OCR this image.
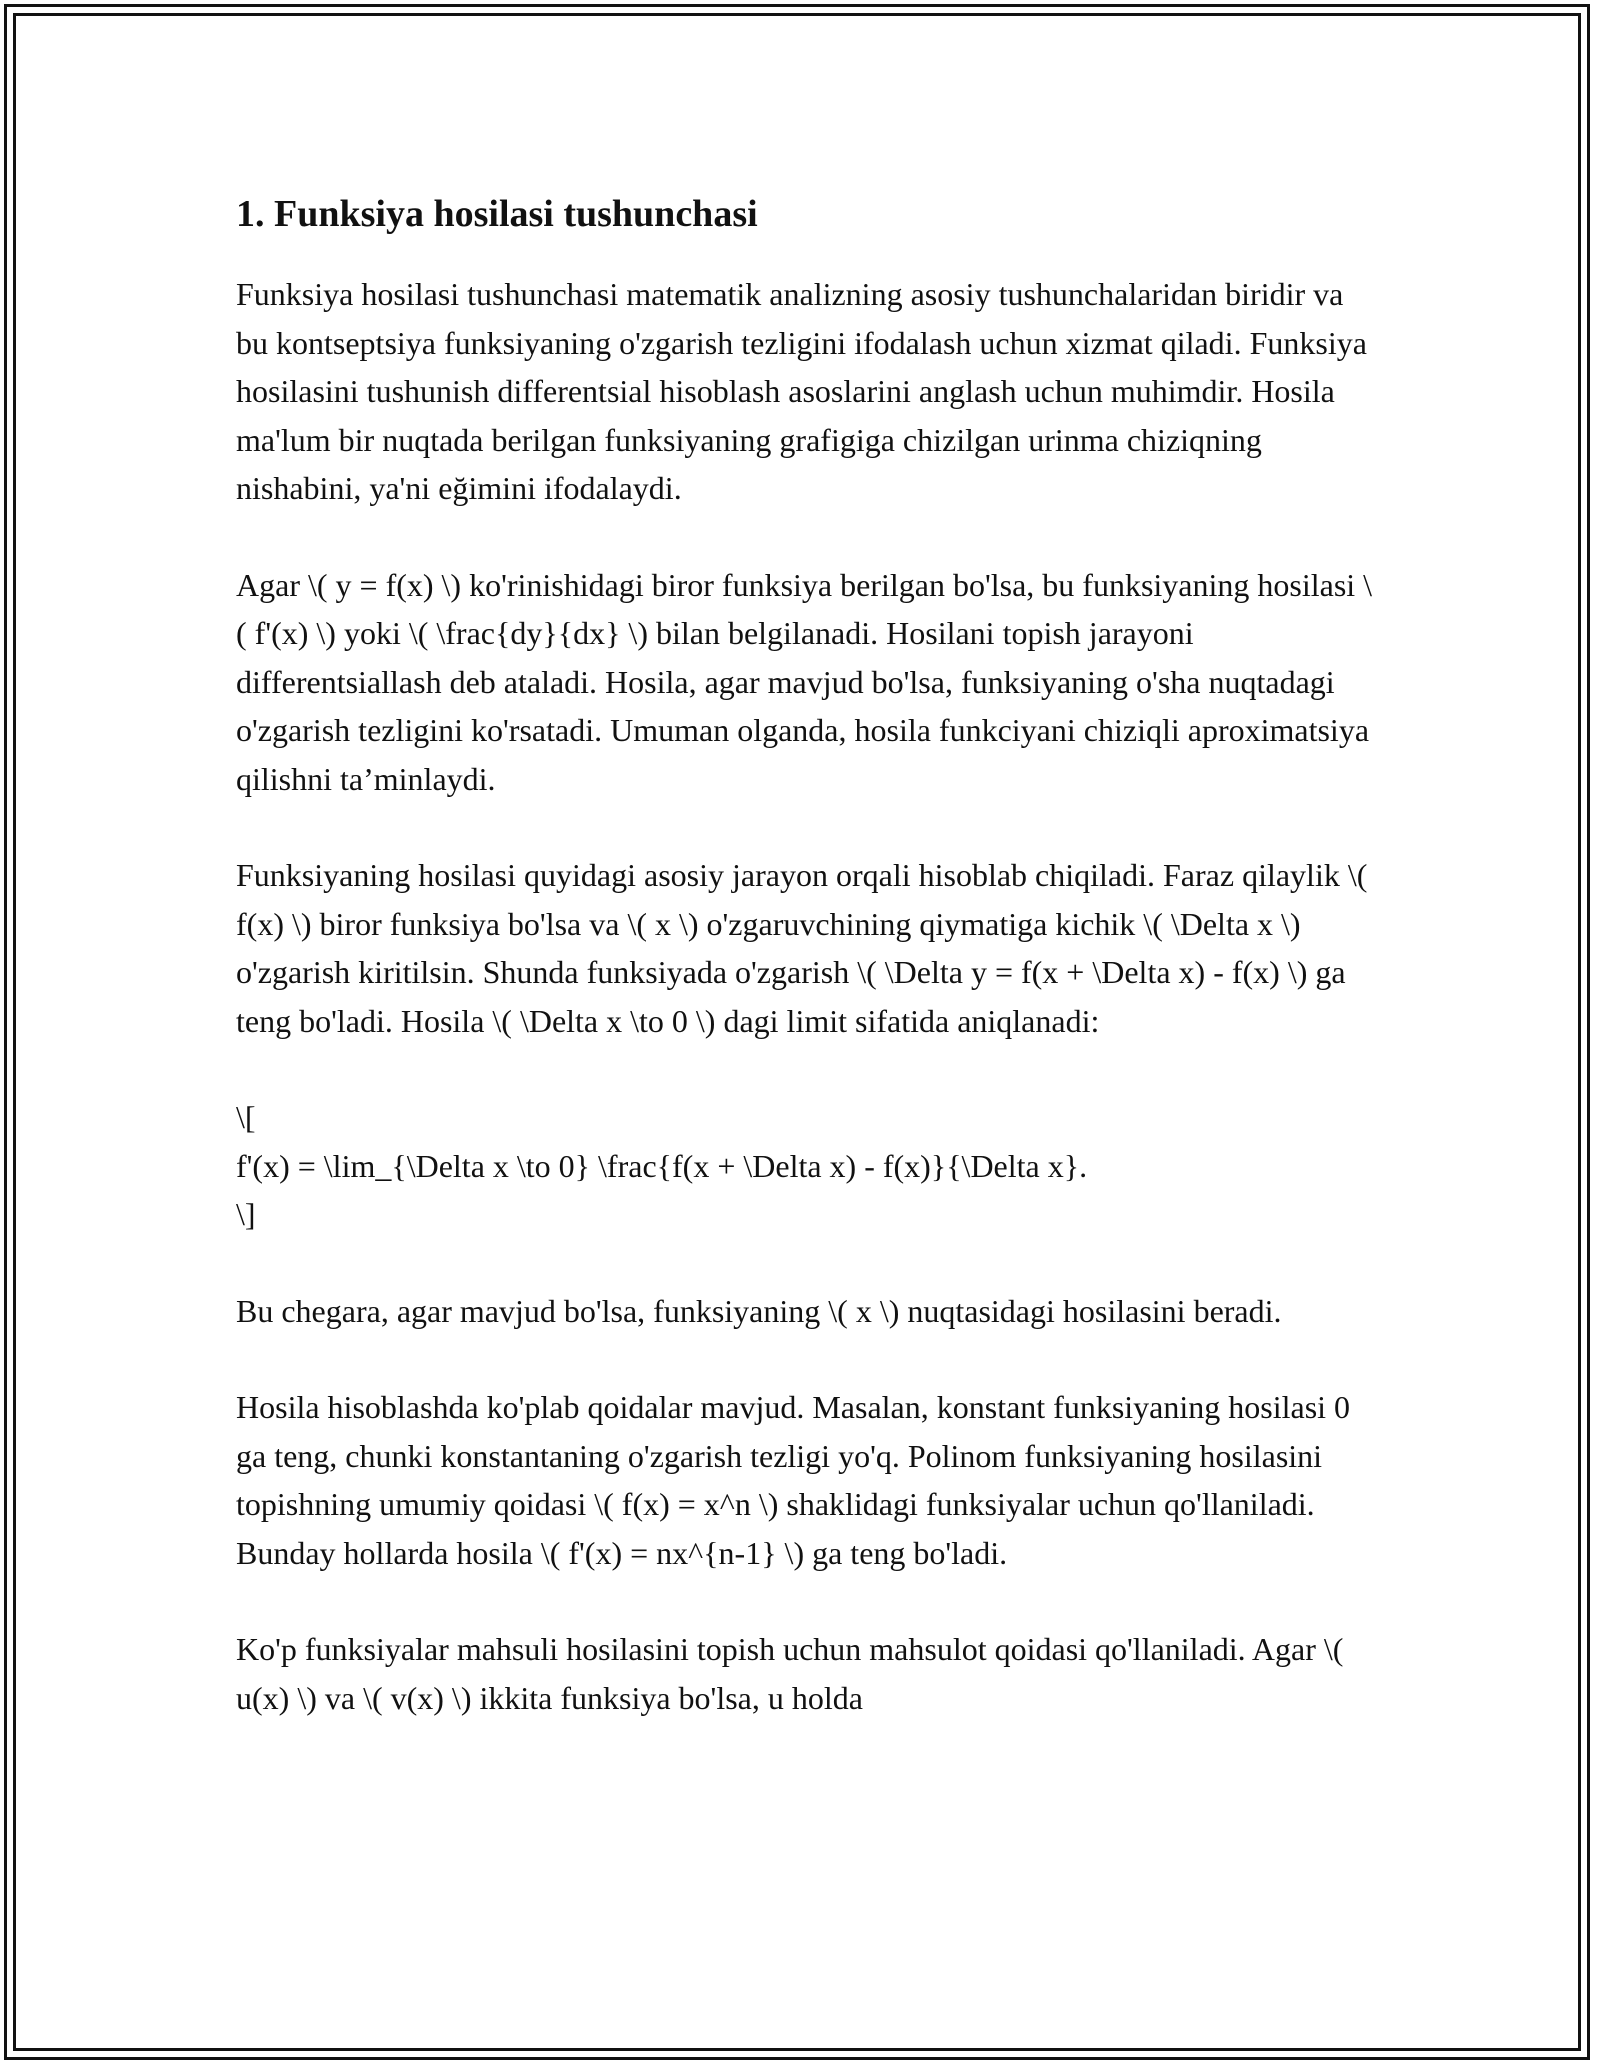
1. Funksiya hosilasi tushunchasi

Funksiya hosilasi tushunchasi matematik analizning asosiy tushunchalaridan biridir va bu kontseptsiya funksiyaning o'zgarish tezligini ifodalash uchun xizmat qiladi. Funksiya hosilasini tushunish differentsial hisoblash asoslarini anglash uchun muhimdir. Hosila ma'lum bir nuqtada berilgan funksiyaning grafigiga chizilgan urinma chiziqning nishabini, ya'ni eğimini ifodalaydi.

Agar \( y = f(x) \) ko'rinishidagi biror funksiya berilgan bo'lsa, bu funksiyaning hosilasi \( f'(x) \) yoki \( \frac{dy}{dx} \) bilan belgilanadi. Hosilani topish jarayoni differentsiallash deb ataladi. Hosila, agar mavjud bo'lsa, funksiyaning o'sha nuqtadagi o'zgarish tezligini ko'rsatadi. Umuman olganda, hosila funkciyani chiziqli aproximatsiya qilishni ta’minlaydi.

Funksiyaning hosilasi quyidagi asosiy jarayon orqali hisoblab chiqiladi. Faraz qilaylik \( f(x) \) biror funksiya bo'lsa va \( x \) o'zgaruvchining qiymatiga kichik \( \Delta x \) o'zgarish kiritilsin. Shunda funksiyada o'zgarish \( \Delta y = f(x + \Delta x) - f(x) \) ga teng bo'ladi. Hosila \( \Delta x \to 0 \) dagi limit sifatida aniqlanadi:

\[
f'(x) = \lim_{\Delta x \to 0} \frac{f(x + \Delta x) - f(x)}{\Delta x}.
\]

Bu chegara, agar mavjud bo'lsa, funksiyaning \( x \) nuqtasidagi hosilasini beradi.

Hosila hisoblashda ko'plab qoidalar mavjud. Masalan, konstant funksiyaning hosilasi 0 ga teng, chunki konstantaning o'zgarish tezligi yo'q. Polinom funksiyaning hosilasini topishning umumiy qoidasi \( f(x) = x^n \) shaklidagi funksiyalar uchun qo'llaniladi. Bunday hollarda hosila \( f'(x) = nx^{n-1} \) ga teng bo'ladi.

Ko'p funksiyalar mahsuli hosilasini topish uchun mahsulot qoidasi qo'llaniladi. Agar \( u(x) \) va \( v(x) \) ikkita funksiya bo'lsa, u holda
